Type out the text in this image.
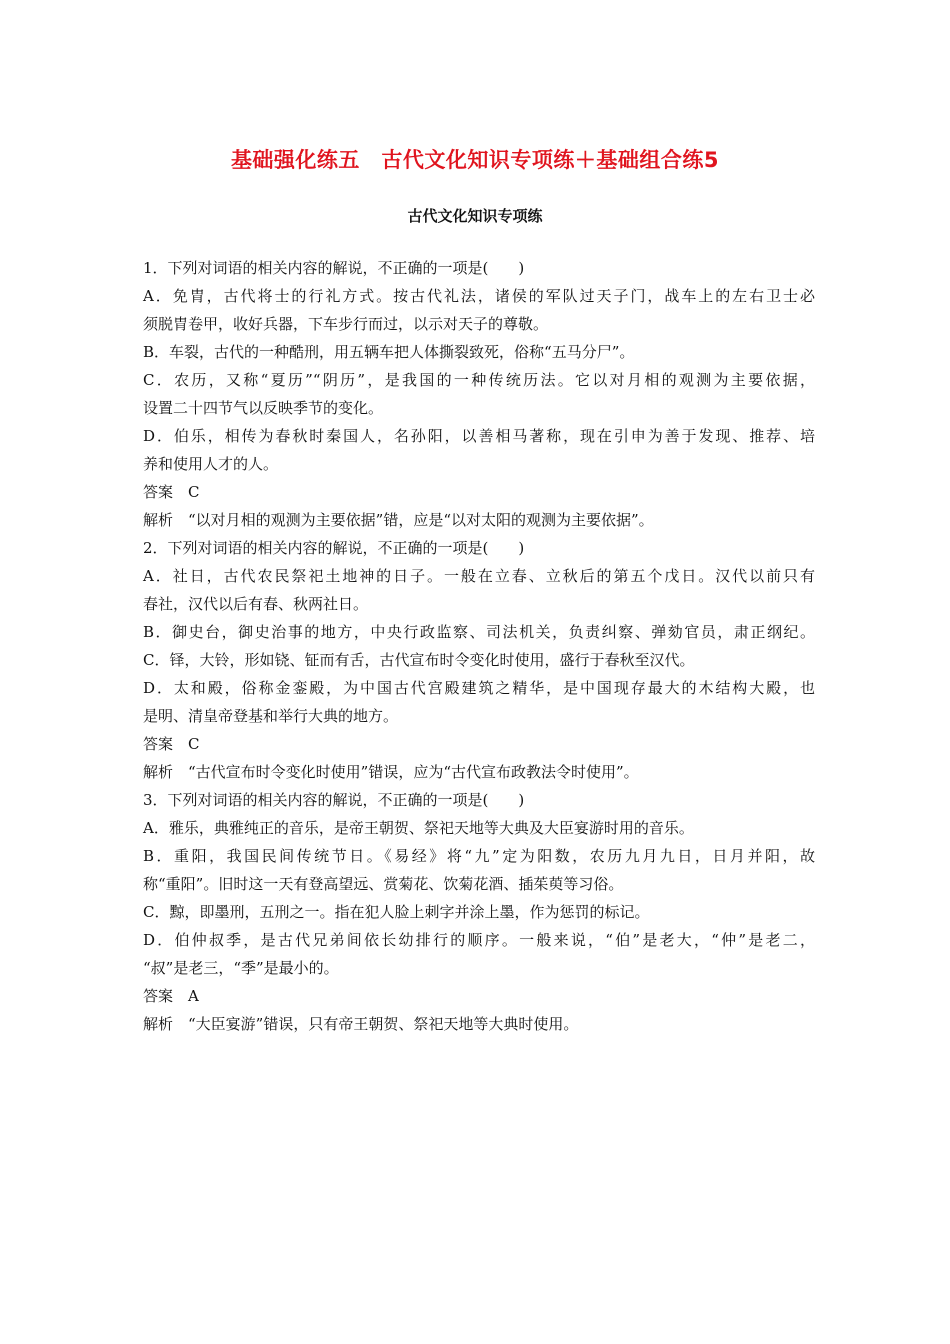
基础强化练五　古代文化知识专项练＋基础组合练5
古代文化知识专项练
1．下列对词语的相关内容的解说，不正确的一项是(　　)
A．免胄，古代将士的行礼方式。按古代礼法，诸侯的军队过天子门，战车上的左右卫士必
须脱胄卷甲，收好兵器，下车步行而过，以示对天子的尊敬。
B．车裂，古代的一种酷刑，用五辆车把人体撕裂致死，俗称“五马分尸”。
C．农历，又称“夏历”“阴历”，是我国的一种传统历法。它以对月相的观测为主要依据，
设置二十四节气以反映季节的变化。
D．伯乐，相传为春秋时秦国人，名孙阳，以善相马著称，现在引申为善于发现、推荐、培
养和使用人才的人。
答案　C
解析　“以对月相的观测为主要依据”错，应是“以对太阳的观测为主要依据”。
2．下列对词语的相关内容的解说，不正确的一项是(　　)
A．社日，古代农民祭祀土地神的日子。一般在立春、立秋后的第五个戊日。汉代以前只有
春社，汉代以后有春、秋两社日。
B．御史台，御史治事的地方，中央行政监察、司法机关，负责纠察、弹劾官员，肃正纲纪。
C．铎，大铃，形如铙、钲而有舌，古代宣布时令变化时使用，盛行于春秋至汉代。
D．太和殿，俗称金銮殿，为中国古代宫殿建筑之精华，是中国现存最大的木结构大殿，也
是明、清皇帝登基和举行大典的地方。
答案　C
解析　“古代宣布时令变化时使用”错误，应为“古代宣布政教法令时使用”。
3．下列对词语的相关内容的解说，不正确的一项是(　　)
A．雅乐，典雅纯正的音乐，是帝王朝贺、祭祀天地等大典及大臣宴游时用的音乐。
B．重阳，我国民间传统节日。《易经》将“九”定为阳数，农历九月九日，日月并阳，故
称“重阳”。旧时这一天有登高望远、赏菊花、饮菊花酒、插茱萸等习俗。
C．黥，即墨刑，五刑之一。指在犯人脸上刺字并涂上墨，作为惩罚的标记。
D．伯仲叔季，是古代兄弟间依长幼排行的顺序。一般来说，“伯”是老大，“仲”是老二，
“叔”是老三，“季”是最小的。
答案　A
解析　“大臣宴游”错误，只有帝王朝贺、祭祀天地等大典时使用。
